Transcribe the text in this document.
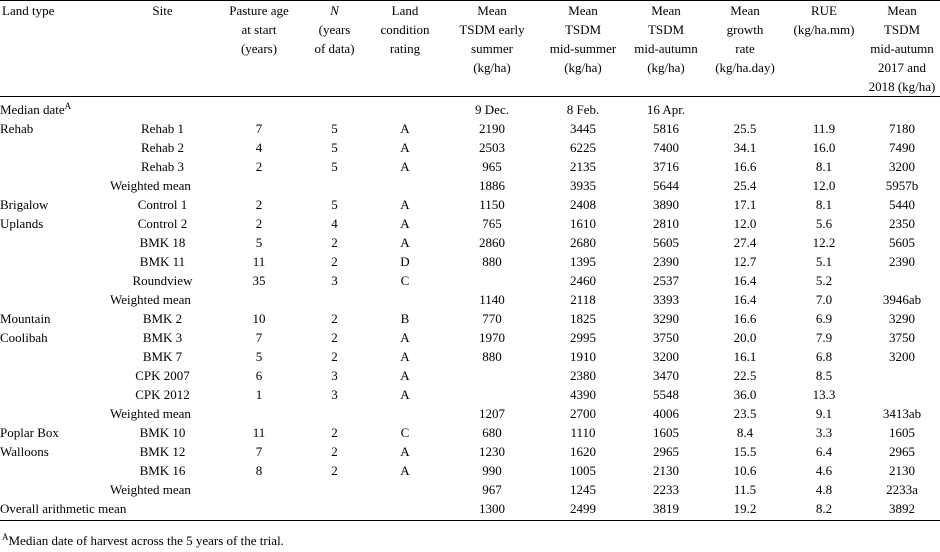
Land type	Site	Pasture age
at start
(years)	N
(years
of data)	Land
condition
rating	Mean
TSDM early
summer
(kg/ha)	Mean
TSDM
mid-summer
(kg/ha)	Mean
TSDM
mid-autumn
(kg/ha)	Mean
growth
rate
(kg/ha.day)	RUE
(kg/ha.mm)	Mean
TSDM
mid-autumn
2017 and
2018 (kg/ha)

Median date$^A$					9 Dec.	8 Feb.	16 Apr.			
Rehab	Rehab 1	7	5	A	2190	3445	5816	25.5	11.9	7180
	Rehab 2	4	5	A	2503	6225	7400	34.1	16.0	7490
	Rehab 3	2	5	A	965	2135	3716	16.6	8.1	3200
	Weighted mean				1886	3935	5644	25.4	12.0	5957b
Brigalow	Control 1	2	5	A	1150	2408	3890	17.1	8.1	5440
Uplands	Control 2	2	4	A	765	1610	2810	12.0	5.6	2350
	BMK 18	5	2	A	2860	2680	5605	27.4	12.2	5605
	BMK 11	11	2	D	880	1395	2390	12.7	5.1	2390
	Roundview	35	3	C		2460	2537	16.4	5.2	
	Weighted mean				1140	2118	3393	16.4	7.0	3946ab
Mountain	BMK 2	10	2	B	770	1825	3290	16.6	6.9	3290
Coolibah	BMK 3	7	2	A	1970	2995	3750	20.0	7.9	3750
	BMK 7	5	2	A	880	1910	3200	16.1	6.8	3200
	CPK 2007	6	3	A		2380	3470	22.5	8.5	
	CPK 2012	1	3	A		4390	5548	36.0	13.3	
	Weighted mean				1207	2700	4006	23.5	9.1	3413ab
Poplar Box	BMK 10	11	2	C	680	1110	1605	8.4	3.3	1605
Walloons	BMK 12	7	2	A	1230	1620	2965	15.5	6.4	2965
	BMK 16	8	2	A	990	1005	2130	10.6	4.6	2130
	Weighted mean				967	1245	2233	11.5	4.8	2233a
Overall arithmetic mean					1300	2499	3819	19.2	8.2	3892
$^A$Median date of harvest across the 5 years of the trial.
